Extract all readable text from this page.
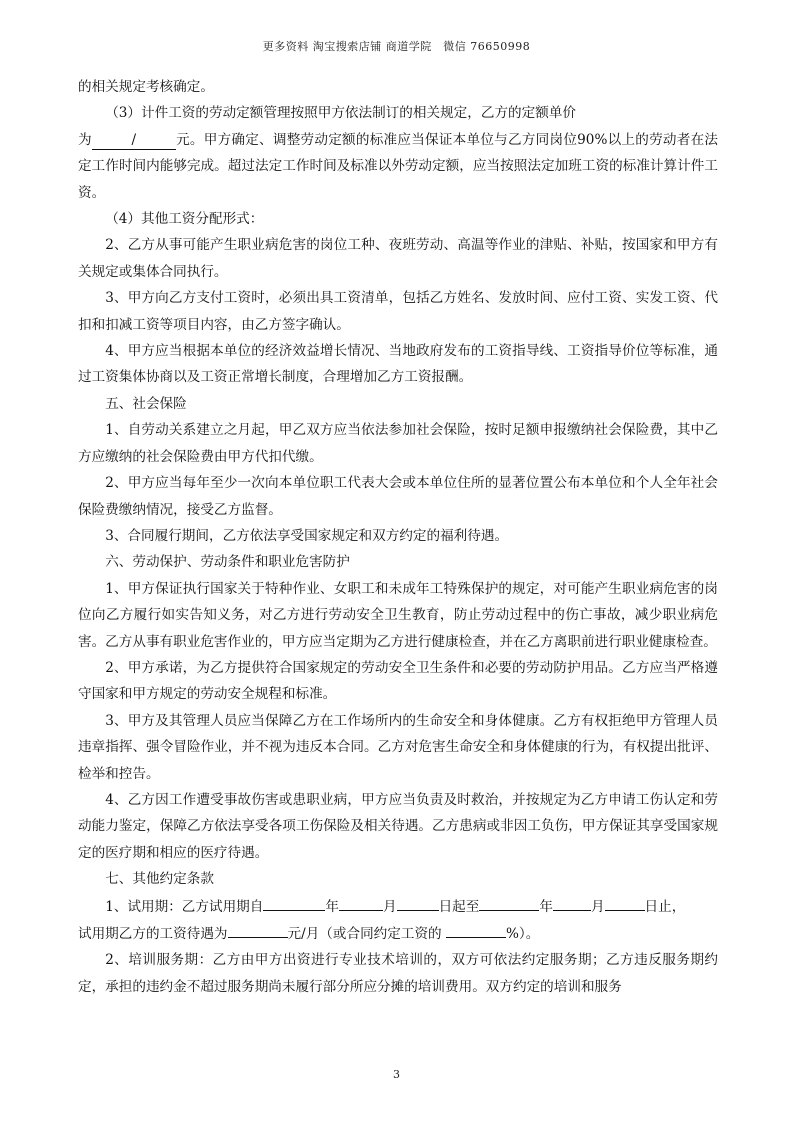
更多资料 淘宝搜索店铺 商道学院　微信 76650998

的相关规定考核确定。

（3）计件工资的劳动定额管理按照甲方依法制订的相关规定，乙方的定额单价

为	/	元。甲方确定、调整劳动定额的标准应当保证本单位与乙方同岗位90%以上的劳动者在法定工作时间内能够完成。超过法定工作时间及标准以外劳动定额，应当按照法定加班工资的标准计算计件工资。

（4）其他工资分配形式：

2、乙方从事可能产生职业病危害的岗位工种、夜班劳动、高温等作业的津贴、补贴，按国家和甲方有关规定或集体合同执行。

3、甲方向乙方支付工资时，必须出具工资清单，包括乙方姓名、发放时间、应付工资、实发工资、代扣和扣减工资等项目内容，由乙方签字确认。

4、甲方应当根据本单位的经济效益增长情况、当地政府发布的工资指导线、工资指导价位等标准，通过工资集体协商以及工资正常增长制度，合理增加乙方工资报酬。

五、社会保险

1、自劳动关系建立之月起，甲乙双方应当依法参加社会保险，按时足额申报缴纳社会保险费，其中乙方应缴纳的社会保险费由甲方代扣代缴。

2、甲方应当每年至少一次向本单位职工代表大会或本单位住所的显著位置公布本单位和个人全年社会保险费缴纳情况，接受乙方监督。

3、合同履行期间，乙方依法享受国家规定和双方约定的福利待遇。

六、劳动保护、劳动条件和职业危害防护

1、甲方保证执行国家关于特种作业、女职工和未成年工特殊保护的规定，对可能产生职业病危害的岗位向乙方履行如实告知义务，对乙方进行劳动安全卫生教育，防止劳动过程中的伤亡事故，减少职业病危害。乙方从事有职业危害作业的，甲方应当定期为乙方进行健康检查，并在乙方离职前进行职业健康检查。

2、甲方承诺，为乙方提供符合国家规定的劳动安全卫生条件和必要的劳动防护用品。乙方应当严格遵守国家和甲方规定的劳动安全规程和标准。

3、甲方及其管理人员应当保障乙方在工作场所内的生命安全和身体健康。乙方有权拒绝甲方管理人员违章指挥、强令冒险作业，并不视为违反本合同。乙方对危害生命安全和身体健康的行为，有权提出批评、检举和控告。

4、乙方因工作遭受事故伤害或患职业病，甲方应当负责及时救治，并按规定为乙方申请工伤认定和劳动能力鉴定，保障乙方依法享受各项工伤保险及相关待遇。乙方患病或非因工负伤，甲方保证其享受国家规定的医疗期和相应的医疗待遇。

七、其他约定条款

1、试用期：乙方试用期自	年	月	日起至	年	月	日止，

试用期乙方的工资待遇为	元/月（或合同约定工资的	%）。

2、培训服务期：乙方由甲方出资进行专业技术培训的，双方可依法约定服务期；乙方违反服务期约定，承担的违约金不超过服务期尚未履行部分所应分摊的培训费用。双方约定的培训和服务

3
